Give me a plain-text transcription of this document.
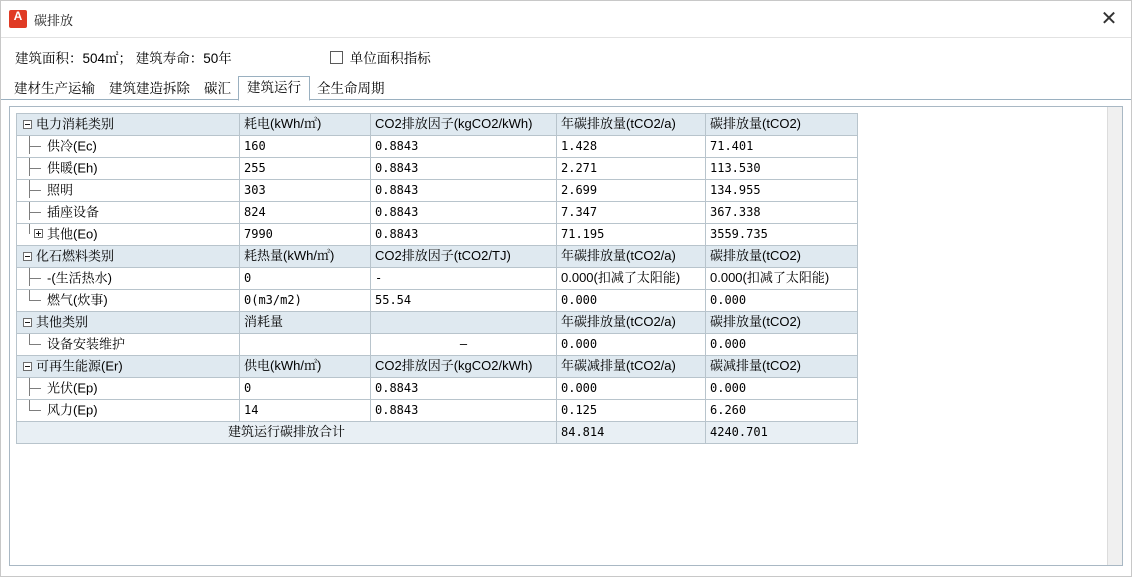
A
碳排放	✕
建筑面积：504㎡； 建筑寿命：50年	单位面积指标
建材生产运输	建筑建造拆除	碳汇	建筑运行	全生命周期
电力消耗类别	耗电(kWh/㎡)	CO2排放因子(kgCO2/kWh)	年碳排放量(tCO2/a)	碳排放量(tCO2)
供冷(Ec)	160	0.8843	1.428	71.401
供暖(Eh)	255	0.8843	2.271	113.530
照明	303	0.8843	2.699	134.955
插座设备	824	0.8843	7.347	367.338

其他(Eo)	7990	0.8843	71.195	3559.735
化石燃料类别	耗热量(kWh/㎡)	CO2排放因子(tCO2/TJ)	年碳排放量(tCO2/a)	碳排放量(tCO2)
-(生活热水)	0	-	0.000(扣减了太阳能)	0.000(扣减了太阳能)
燃气(炊事)	0(m3/m2)	55.54	0.000	0.000
其他类别	消耗量		年碳排放量(tCO2/a)	碳排放量(tCO2)
设备安装维护		—	0.000	0.000
可再生能源(Er)	供电(kWh/㎡)	CO2排放因子(kgCO2/kWh)	年碳减排量(tCO2/a)	碳减排量(tCO2)
光伏(Ep)	0	0.8843	0.000	0.000
风力(Ep)	14	0.8843	0.125	6.260
建筑运行碳排放合计			84.814	4240.701
